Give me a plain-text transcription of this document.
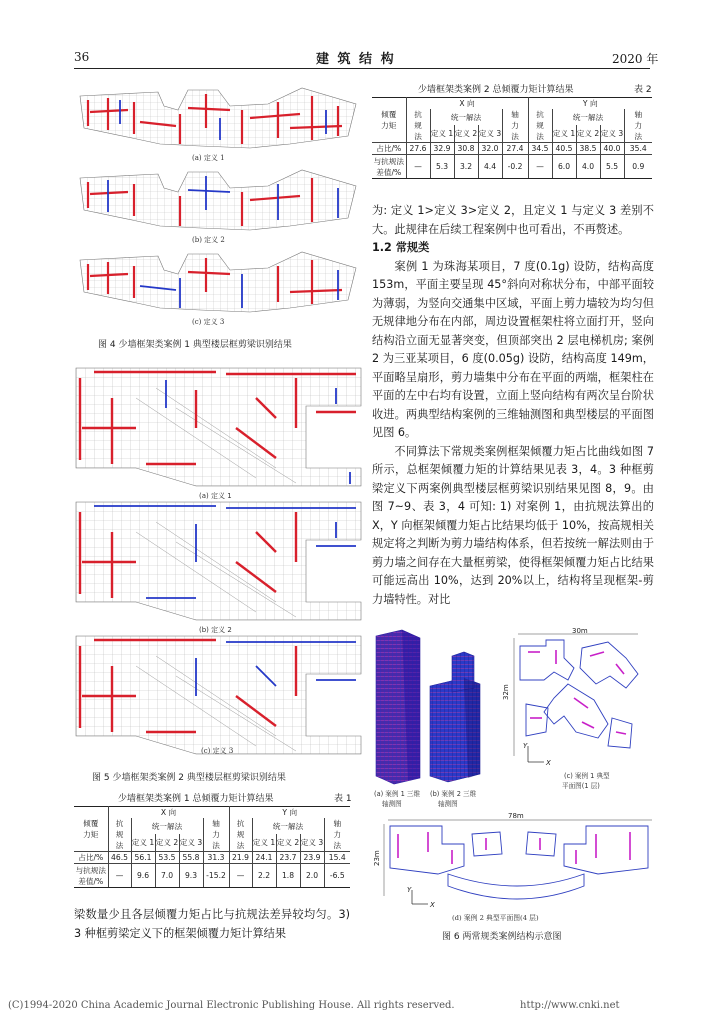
36	建 筑 结 构	2020 年
(a) 定义 1
(b) 定义 2
(c) 定义 3
图 4 少墙框架类案例 1 典型楼层框剪梁识别结果
(a) 定义 1
(b) 定义 2
(c) 定义 3
图 5 少墙框架类案例 2 典型楼层框剪梁识别结果
少墙框架类案例 1 总倾覆力矩计算结果	表 1
倾覆力矩	X 向					Y 向				
	抗规法	统一解法			轴力法	抗规法	统一解法			轴力法
		定义 1	定义 2	定义 3			定义 1	定义 2	定义 3	
占比/%	46.5	56.1	53.5	55.8	31.3	21.9	24.1	23.7	23.9	15.4
与抗规法差值/%	—	9.6	7.0	9.3	-15.2	—	2.2	1.8	2.0	-6.5
梁数量少且各层倾覆力矩占比与抗规法差异较均匀。3) 3 种框剪梁定义下的框架倾覆力矩计算结果
少墙框架类案例 2 总倾覆力矩计算结果	表 2
倾覆力矩	X 向					Y 向				
	抗规法	统一解法			轴力法	抗规法	统一解法			轴力法
		定义 1	定义 2	定义 3			定义 1	定义 2	定义 3	
占比/%	27.6	32.9	30.8	32.0	27.4	34.5	40.5	38.5	40.0	35.4
与抗规法差值/%	—	5.3	3.2	4.4	-0.2	—	6.0	4.0	5.5	0.9

为: 定义 1>定义 3>定义 2，且定义 1 与定义 3 差别不大。此规律在后续工程案例中也可看出，不再赘述。

1.2 常规类

案例 1 为珠海某项目，7 度(0.1g) 设防，结构高度 153m，平面主要呈现 45°斜向对称状分布，中部平面较为薄弱，为竖向交通集中区域，平面上剪力墙较为均匀但无规律地分布在内部，周边设置框架柱将立面打开，竖向结构沿立面无显著突变，但顶部突出 2 层电梯机房; 案例 2 为三亚某项目，6 度(0.05g) 设防，结构高度 149m，平面略呈扇形，剪力墙集中分布在平面的两端，框架柱在平面的左中右均有设置，立面上竖向结构有两次呈台阶状收进。两典型结构案例的三维轴测图和典型楼层的平面图见图 6。

不同算法下常规类案例框架倾覆力矩占比曲线如图 7 所示，总框架倾覆力矩的计算结果见表 3，4。3 种框剪梁定义下两案例典型楼层框剪梁识别结果见图 8，9。由图 7~9、表 3，4 可知: 1) 对案例 1，由抗规法算出的 X，Y 向框架倾覆力矩占比结果均低于 10%，按高规相关规定将之判断为剪力墙结构体系，但若按统一解法则由于剪力墙之间存在大量框剪梁，使得框架倾覆力矩占比结果可能远高出 10%，达到 20%以上，结构将呈现框架-剪力墙特性。对比

(a) 案例 1 三维
轴测图
(b) 案例 2 三维
轴测图
30m
32m
X
Y
(c) 案例 1 典型
平面图(1 层)
78m
23m
X
Y
(d) 案例 2 典型平面图(4 层)
图 6 两常规类案例结构示意图
(C)1994-2020 China Academic Journal Electronic Publishing House. All rights reserved.	http://www.cnki.net
